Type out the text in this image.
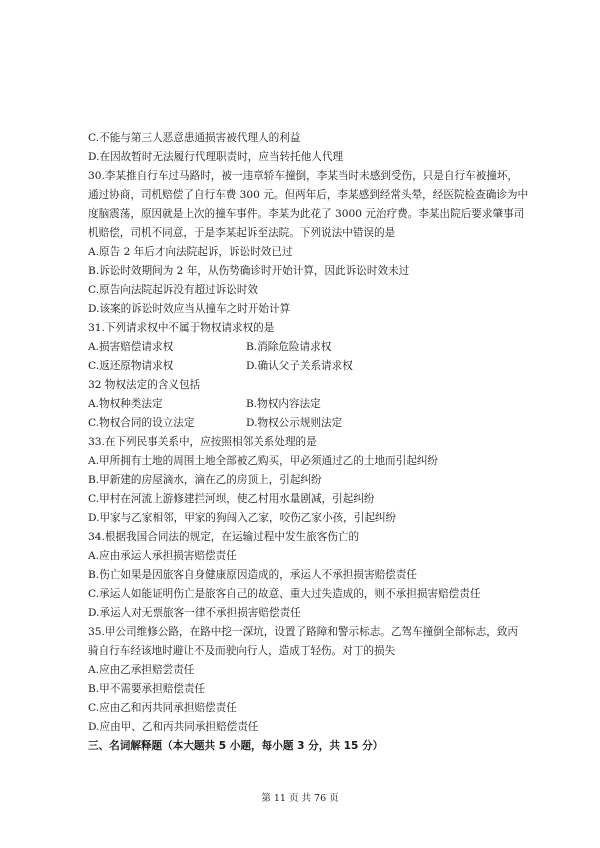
C.不能与第三人恶意患通损害被代理人的利益
D.在因故暂时无法履行代理职责时，应当转托他人代理
30.李某推自行车过马路时，被一违章轿车撞倒，李某当时未感到受伤，只是自行车被撞坏，
通过协商，司机赔偿了自行车费 300 元。但两年后，李某感到经常头晕，经医院检查确诊为中
度脑震荡，原因就是上次的撞车事件。李某为此花了 3000 元治疗费。李某出院后要求肇事司
机赔偿，司机不同意，于是李某起诉至法院。下列说法中错误的是
A.原告 2 年后才向法院起诉，诉讼时效已过
B.诉讼时效期间为 2 年，从伤势确诊时开始计算，因此诉讼时效未过
C.原告向法院起诉没有超过诉讼时效
D.该案的诉讼时效应当从撞车之时开始计算
31.下列请求权中不属于物权请求权的是
A.损害赔偿请求权	B.消除危险请求权
C.返还原物请求权	D.确认父子关系请求权
32 物权法定的含义包括
A.物权种类法定	B.物权内容法定
C.物权合同的设立法定	D.物权公示规则法定
33.在下列民事关系中，应按照相邻关系处理的是
A.甲所拥有土地的周围土地全部被乙购买，甲必须通过乙的土地而引起纠纷
B.甲新建的房屋滴水，滴在乙的房顶上，引起纠纷
C.甲村在河流上游修建拦河坝，使乙村用水量剧减，引起纠纷
D.甲家与乙家相邻，甲家的狗闯入乙家，咬伤乙家小孩，引起纠纷
34.根据我国合同法的规定，在运输过程中发生旅客伤亡的
A.应由承运人承担损害赔偿责任
B.伤亡如果是因旅客自身健康原因造成的，承运人不承担损害赔偿责任
C.承运人如能证明伤亡是旅客自己的故意、重大过失造成的，则不承担损害赔偿责任
D.承运人对无票旅客一律不承担损害赔偿责任
35.甲公司维修公路，在路中挖一深坑，设置了路障和警示标志。乙驾车撞倒全部标志，致丙
骑自行车经该地时避让不及而驶向行人，造成丁轻伤。对丁的损失
A.应由乙承担赔尝责任
B.甲不需要承担赔偿责任
C.应由乙和丙共同承担赔偿责任
D.应由甲、乙和丙共同承担赔偿责任
三、名词解释题（本大题共 5 小题，每小题 3 分，共 15 分）
第 11 页 共 76 页
